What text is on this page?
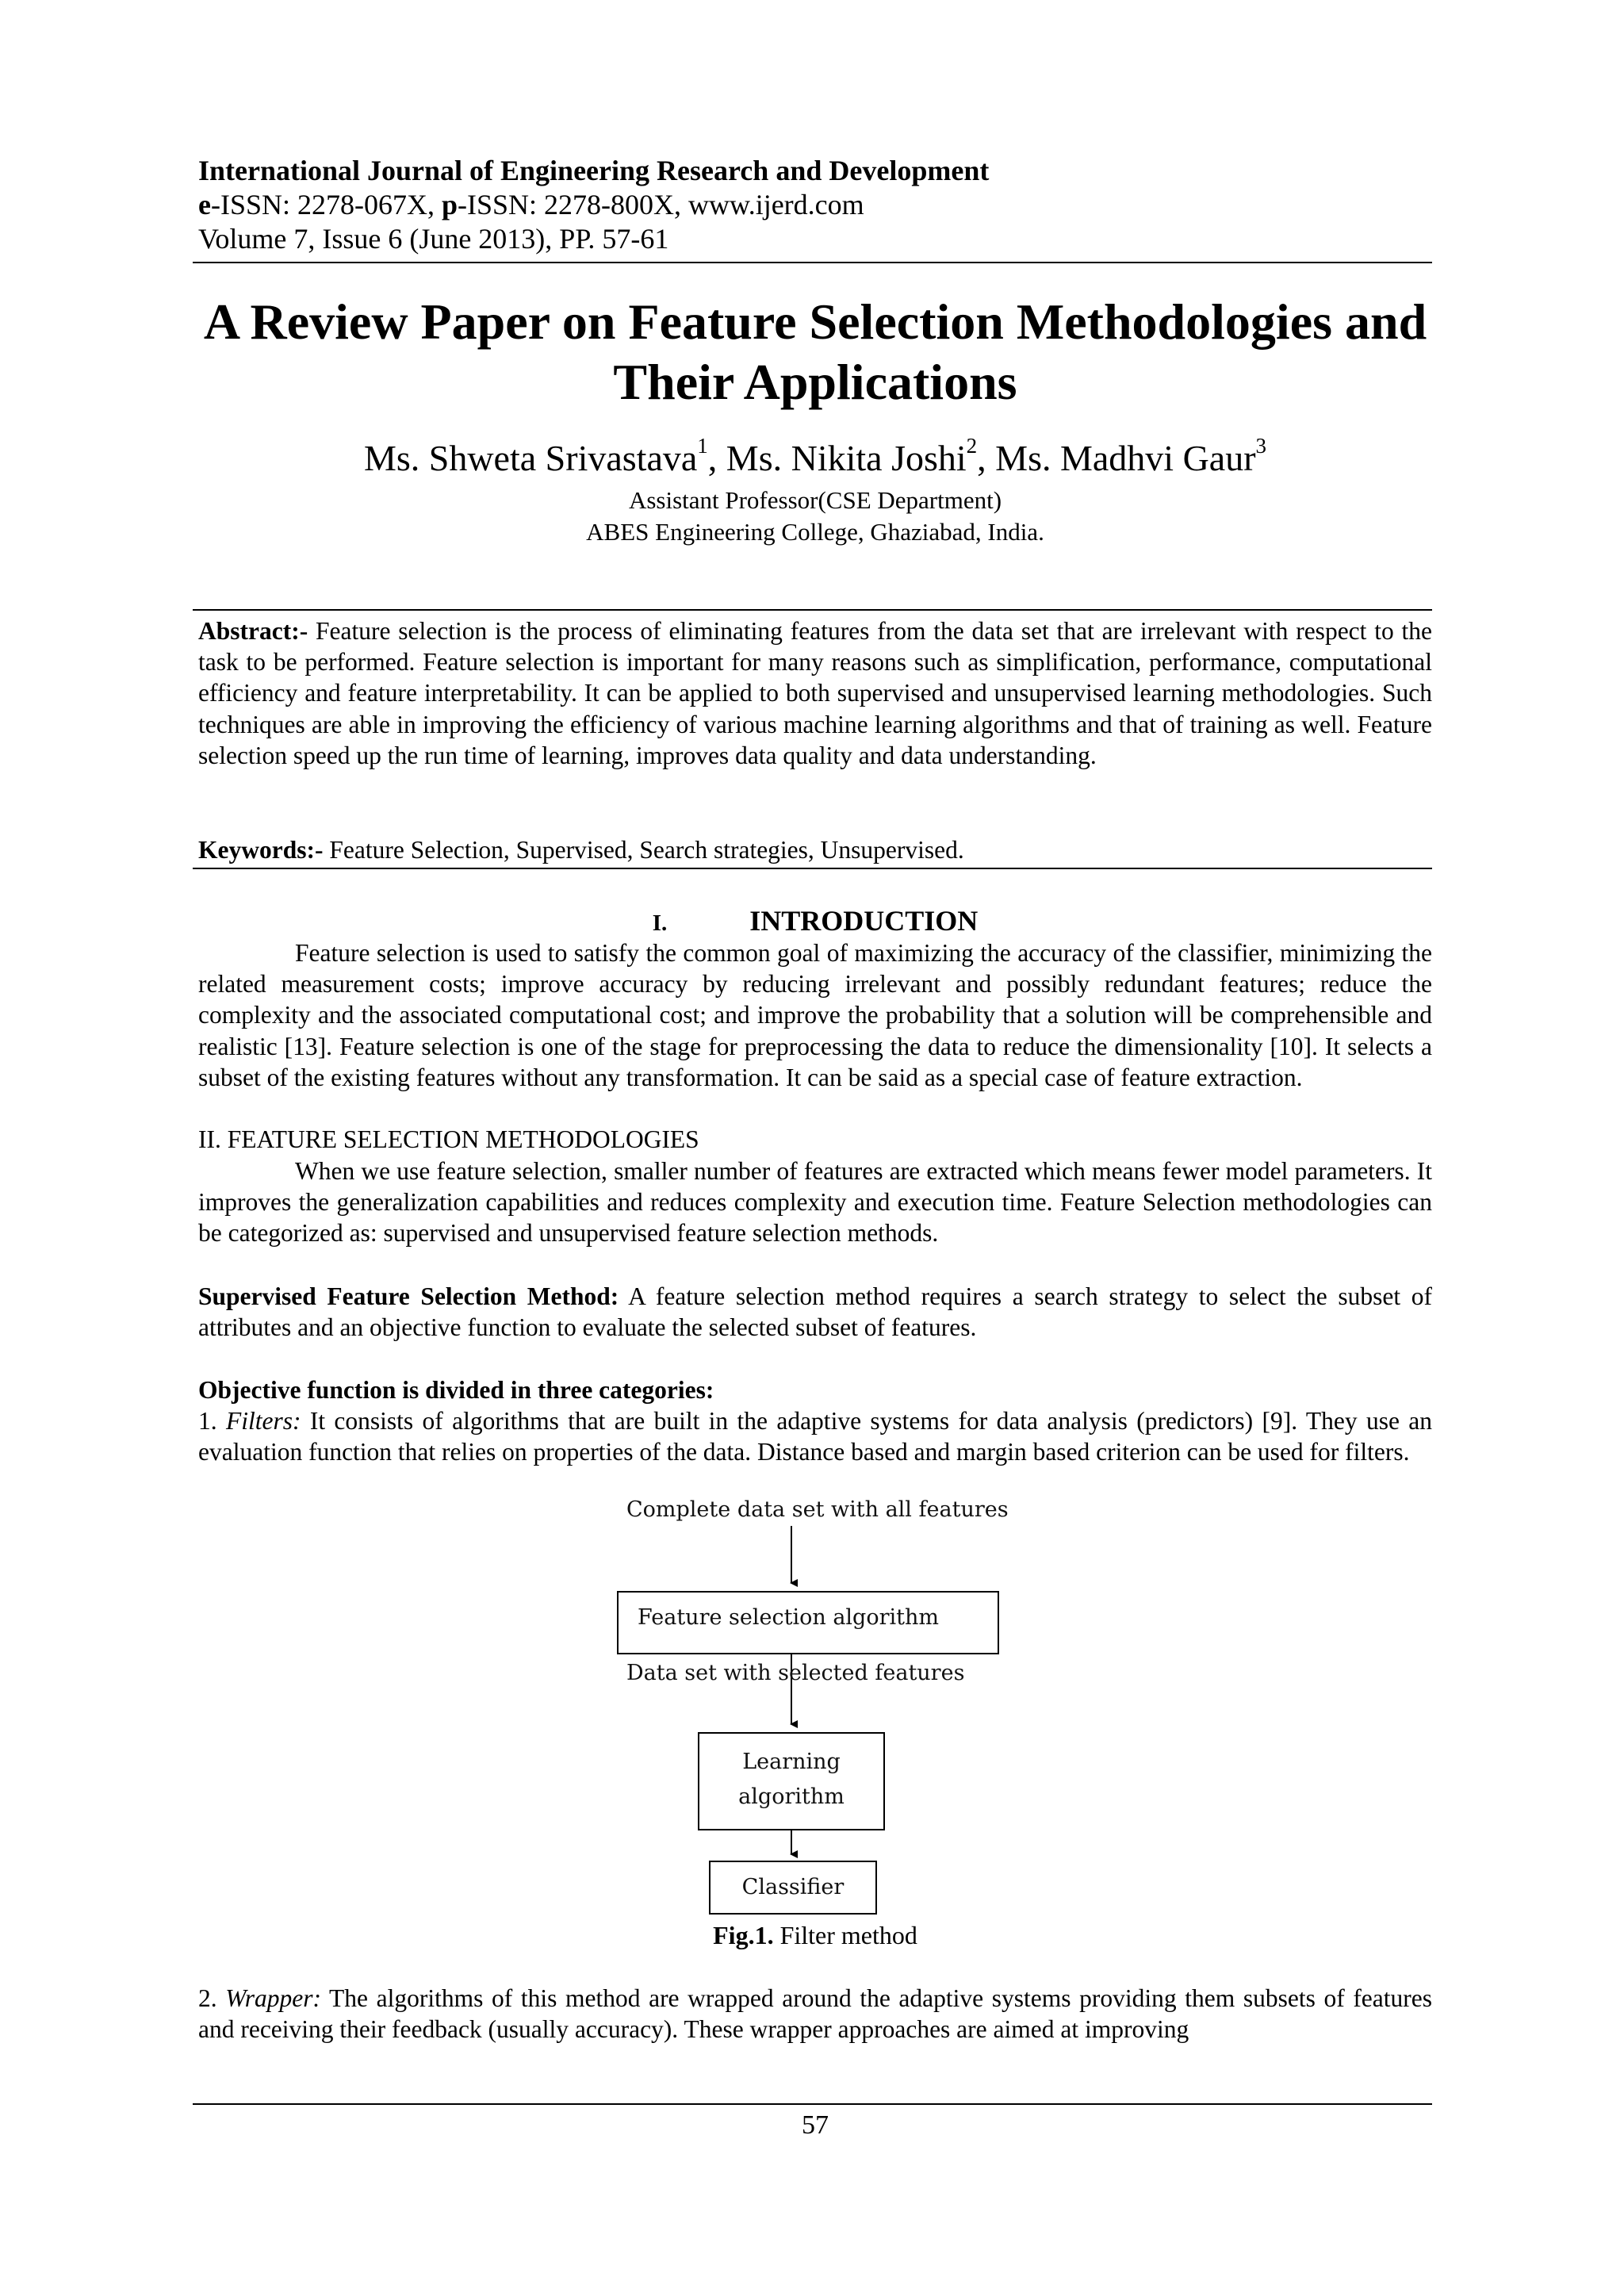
International Journal of Engineering Research and Development
e-ISSN: 2278-067X, p-ISSN: 2278-800X, www.ijerd.com
Volume 7, Issue 6 (June 2013), PP. 57-61
A Review Paper on Feature Selection Methodologies and
Their Applications
Ms. Shweta Srivastava$^1$, Ms. Nikita Joshi$^2$, Ms. Madhvi Gaur$^3$
Assistant Professor(CSE Department)
ABES Engineering College, Ghaziabad, India.
Abstract:- Feature selection is the process of eliminating features from the data set that are irrelevant with respect to the task to be performed. Feature selection is important for many reasons such as simplification, performance, computational efficiency and feature interpretability. It can be applied to both supervised and unsupervised learning methodologies. Such techniques are able in improving the efficiency of various machine learning algorithms and that of training as well. Feature selection speed up the run time of learning, improves data quality and data understanding.
Keywords:- Feature Selection, Supervised, Search strategies, Unsupervised.
I.	INTRODUCTION
Feature selection is used to satisfy the common goal of maximizing the accuracy of the classifier, minimizing the related measurement costs; improve accuracy by reducing irrelevant and possibly redundant features; reduce the complexity and the associated computational cost; and improve the probability that a solution will be comprehensible and realistic [13]. Feature selection is one of the stage for preprocessing the data to reduce the dimensionality [10]. It selects a subset of the existing features without any transformation. It can be said as a special case of feature extraction.
II. FEATURE SELECTION METHODOLOGIES
When we use feature selection, smaller number of features are extracted which means fewer model parameters. It improves the generalization capabilities and reduces complexity and execution time. Feature Selection methodologies can be categorized as: supervised and unsupervised feature selection methods.
Supervised Feature Selection Method: A feature selection method requires a search strategy to select the subset of attributes and an objective function to evaluate the selected subset of features.
Objective function is divided in three categories:
1. Filters: It consists of algorithms that are built in the adaptive systems for data analysis (predictors) [9]. They use an evaluation function that relies on properties of the data. Distance based and margin based criterion can be used for filters.
Complete data set with all features
Feature selection algorithm
Data set with selected features
Learning
algorithm
Classifier
Fig.1. Filter method
2. Wrapper: The algorithms of this method are wrapped around the adaptive systems providing them subsets of features and receiving their feedback (usually accuracy). These wrapper approaches are aimed at improving
57
